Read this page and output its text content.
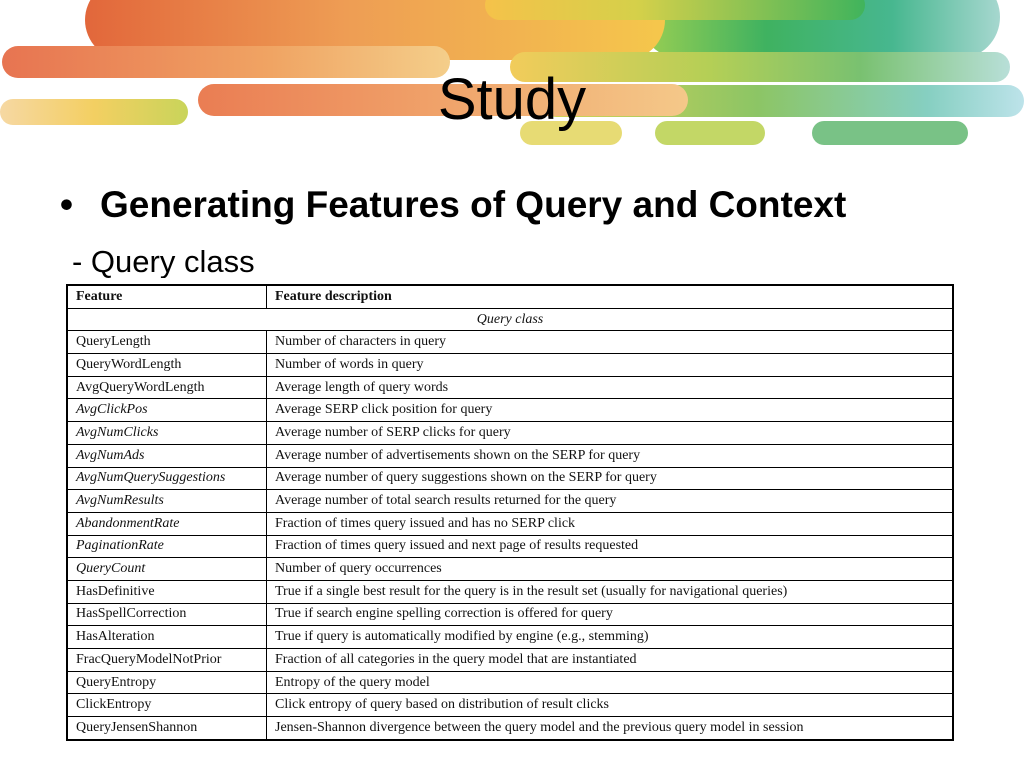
Study
• Generating Features of Query and Context
- Query class
Feature	Feature description
Query class	
QueryLength	Number of characters in query
QueryWordLength	Number of words in query
AvgQueryWordLength	Average length of query words
AvgClickPos	Average SERP click position for query
AvgNumClicks	Average number of SERP clicks for query
AvgNumAds	Average number of advertisements shown on the SERP for query
AvgNumQuerySuggestions	Average number of query suggestions shown on the SERP for query
AvgNumResults	Average number of total search results returned for the query
AbandonmentRate	Fraction of times query issued and has no SERP click
PaginationRate	Fraction of times query issued and next page of results requested
QueryCount	Number of query occurrences
HasDefinitive	True if a single best result for the query is in the result set (usually for navigational queries)
HasSpellCorrection	True if search engine spelling correction is offered for query
HasAlteration	True if query is automatically modified by engine (e.g., stemming)
FracQueryModelNotPrior	Fraction of all categories in the query model that are instantiated
QueryEntropy	Entropy of the query model
ClickEntropy	Click entropy of query based on distribution of result clicks
QueryJensenShannon	Jensen-Shannon divergence between the query model and the previous query model in session
